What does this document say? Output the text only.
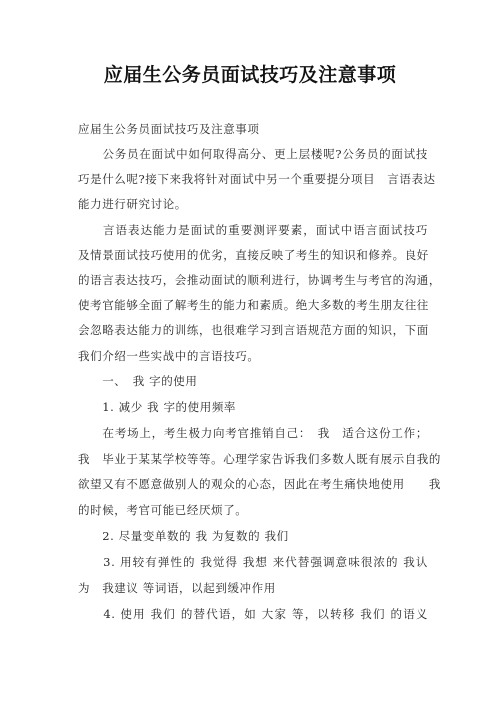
应届生公务员面试技巧及注意事项
应届生公务员面试技巧及注意事项
　　公务员在面试中如何取得高分、更上层楼呢?公务员的面试技
巧是什么呢?接下来我将针对面试中另一个重要提分项目　言语表达
能力进行研究讨论。
　　言语表达能力是面试的重要测评要素，面试中语言面试技巧
及情景面试技巧使用的优劣，直接反映了考生的知识和修养。良好
的语言表达技巧，会推动面试的顺利进行，协调考生与考官的沟通，
使考官能够全面了解考生的能力和素质。绝大多数的考生朋友往往
会忽略表达能力的训练，也很难学习到言语规范方面的知识，下面
我们介绍一些实战中的言语技巧。
　　一、　我 字的使用
　　1. 减少 我 字的使用频率
　　在考场上，考生极力向考官推销自己：　我　适合这份工作；
我　毕业于某某学校等等。心理学家告诉我们多数人既有展示自我的
欲望又有不愿意做别人的观众的心态，因此在考生痛快地使用　　我
的时候，考官可能已经厌烦了。
　　2. 尽量变单数的 我 为复数的 我们
　　3. 用较有弹性的 我觉得 我想 来代替强调意味很浓的 我认
为　我建议 等词语，以起到缓冲作用
　　4. 使用 我们 的替代语，如 大家 等，以转移 我们 的语义
